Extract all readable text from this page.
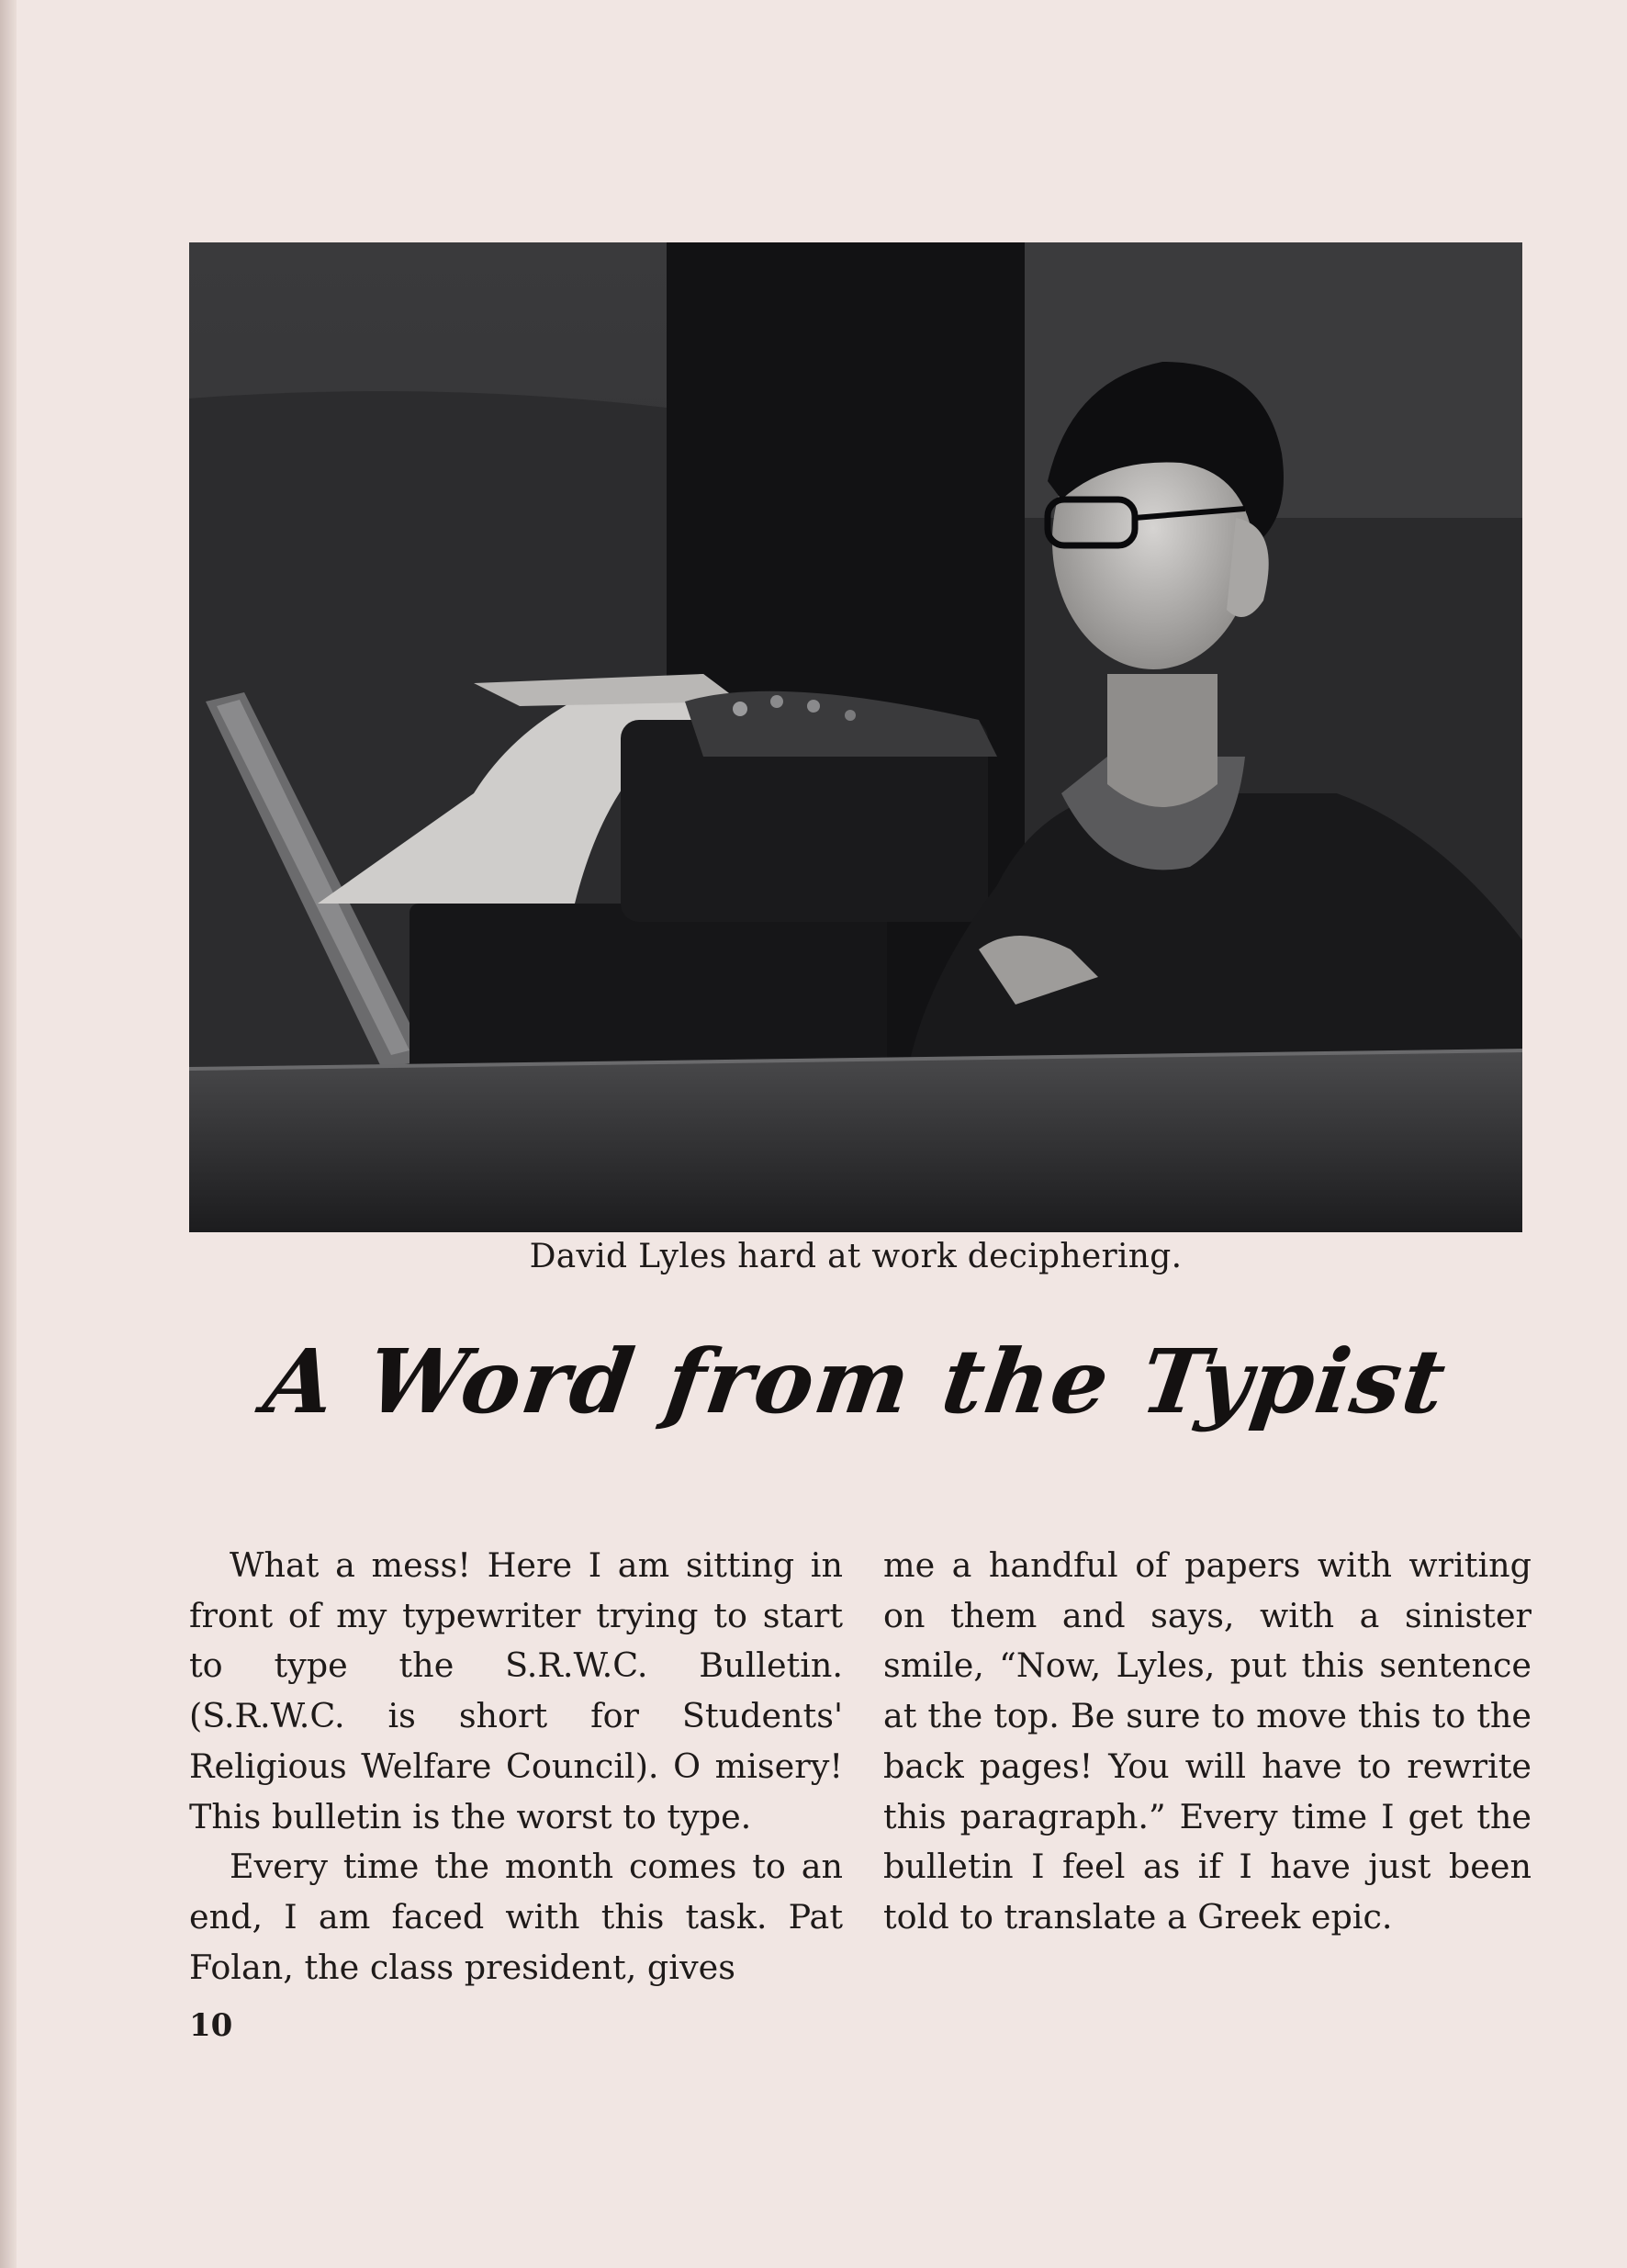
David Lyles hard at work deciphering.
A Word from the Typist

What a mess! Here I am sitting in front of my typewriter trying to start to type the S.R.W.C. Bulletin. (S.R.W.C. is short for Students' Religious Welfare Council). O misery! This bulletin is the worst to type.

Every time the month comes to an end, I am faced with this task. Pat Folan, the class president, gives

me a handful of papers with writing on them and says, with a sinister smile, “Now, Lyles, put this sentence at the top. Be sure to move this to the back pages! You will have to rewrite this paragraph.” Every time I get the bulletin I feel as if I have just been told to translate a Greek epic.

10
